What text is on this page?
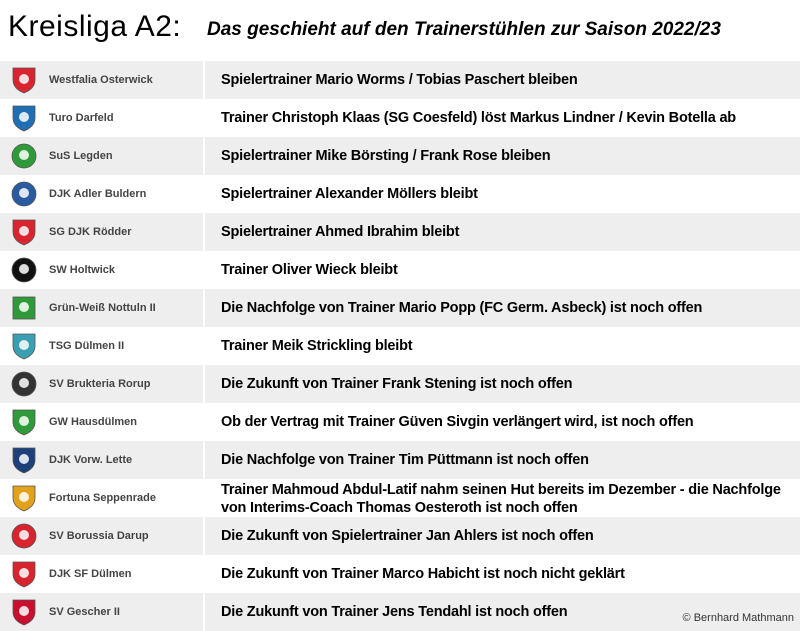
Kreisliga A2: Das geschieht auf den Trainerstühlen zur Saison 2022/23
Westfalia Osterwick	Spielertrainer Mario Worms / Tobias Paschert bleiben
Turo Darfeld	Trainer Christoph Klaas (SG Coesfeld) löst Markus Lindner / Kevin Botella ab
SuS Legden	Spielertrainer Mike Börsting / Frank Rose bleiben
DJK Adler Buldern	Spielertrainer Alexander Möllers bleibt
SG DJK Rödder	Spielertrainer Ahmed Ibrahim bleibt
SW Holtwick	Trainer Oliver Wieck bleibt
Grün-Weiß Nottuln II	Die Nachfolge von Trainer Mario Popp (FC Germ. Asbeck) ist noch offen
TSG Dülmen II	Trainer Meik Strickling bleibt
SV Brukteria Rorup	Die Zukunft von Trainer Frank Stening ist noch offen
GW Hausdülmen	Ob der Vertrag mit Trainer Güven Sivgin verlängert wird, ist noch offen
DJK Vorw. Lette	Die Nachfolge von Trainer Tim Püttmann ist noch offen
Fortuna Seppenrade	Trainer Mahmoud Abdul-Latif nahm seinen Hut bereits im Dezember - die Nachfolge
von Interims-Coach Thomas Oesteroth ist noch offen
SV Borussia Darup	Die Zukunft von Spielertrainer Jan Ahlers ist noch offen
DJK SF Dülmen	Die Zukunft von Trainer Marco Habicht ist noch nicht geklärt
SV Gescher II	Die Zukunft von Trainer Jens Tendahl ist noch offen	© Bernhard Mathmann
